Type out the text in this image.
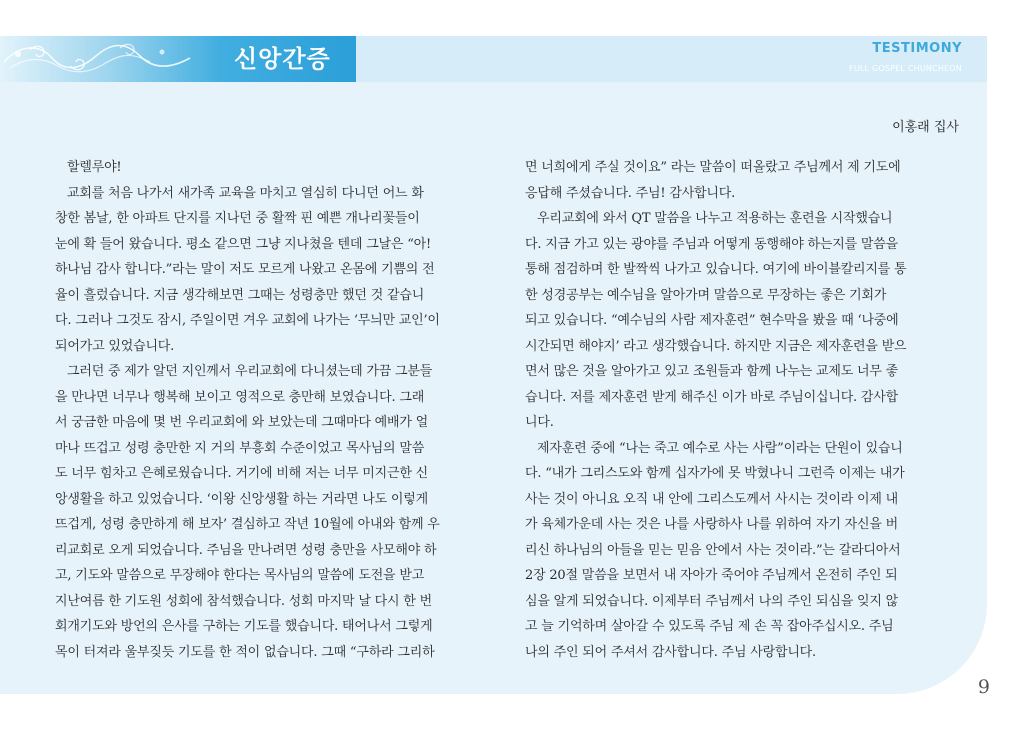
신앙간증	TESTIMONY
FULL GOSPEL CHUNCHEON
이홍래 집사

할렐루야!

교회를 처음 나가서 새가족 교육을 마치고 열심히 다니던 어느 화

창한 봄날, 한 아파트 단지를 지나던 중 활짝 핀 예쁜 개나리꽃들이

눈에 확 들어 왔습니다. 평소 같으면 그냥 지나쳤을 텐데 그날은 “아!

하나님 감사 합니다.”라는 말이 저도 모르게 나왔고 온몸에 기쁨의 전

율이 흘렀습니다. 지금 생각해보면 그때는 성령충만 했던 것 같습니

다. 그러나 그것도 잠시, 주일이면 겨우 교회에 나가는 ‘무늬만 교인’이

되어가고 있었습니다.

그러던 중 제가 알던 지인께서 우리교회에 다니셨는데 가끔 그분들

을 만나면 너무나 행복해 보이고 영적으로 충만해 보였습니다. 그래

서 궁금한 마음에 몇 번 우리교회에 와 보았는데 그때마다 예배가 얼

마나 뜨겁고 성령 충만한 지 거의 부흥회 수준이었고 목사님의 말씀

도 너무 힘차고 은혜로웠습니다. 거기에 비해 저는 너무 미지근한 신

앙생활을 하고 있었습니다. ‘이왕 신앙생활 하는 거라면 나도 이렇게

뜨겁게, 성령 충만하게 해 보자’ 결심하고 작년 10월에 아내와 함께 우

리교회로 오게 되었습니다. 주님을 만나려면 성령 충만을 사모해야 하

고, 기도와 말씀으로 무장해야 한다는 목사님의 말씀에 도전을 받고

지난여름 한 기도원 성회에 참석했습니다. 성회 마지막 날 다시 한 번

회개기도와 방언의 은사를 구하는 기도를 했습니다. 태어나서 그렇게

목이 터져라 울부짖듯 기도를 한 적이 없습니다. 그때 “구하라 그리하

면 너희에게 주실 것이요” 라는 말씀이 떠올랐고 주님께서 제 기도에

응답해 주셨습니다. 주님! 감사합니다.

우리교회에 와서 QT 말씀을 나누고 적용하는 훈련을 시작했습니

다. 지금 가고 있는 광야를 주님과 어떻게 동행해야 하는지를 말씀을

통해 점검하며 한 발짝씩 나가고 있습니다. 여기에 바이블칼리지를 통

한 성경공부는 예수님을 알아가며 말씀으로 무장하는 좋은 기회가

되고 있습니다. “예수님의 사람 제자훈련” 현수막을 봤을 때 ‘나중에

시간되면 해야지’ 라고 생각했습니다. 하지만 지금은 제자훈련을 받으

면서 많은 것을 알아가고 있고 조원들과 함께 나누는 교제도 너무 좋

습니다. 저를 제자훈련 받게 해주신 이가 바로 주님이십니다. 감사합

니다.

제자훈련 중에 “나는 죽고 예수로 사는 사람”이라는 단원이 있습니

다. “내가 그리스도와 함께 십자가에 못 박혔나니 그런즉 이제는 내가

사는 것이 아니요 오직 내 안에 그리스도께서 사시는 것이라 이제 내

가 육체가운데 사는 것은 나를 사랑하사 나를 위하여 자기 자신을 버

리신 하나님의 아들을 믿는 믿음 안에서 사는 것이라.”는 갈라디아서

2장 20절 말씀을 보면서 내 자아가 죽어야 주님께서 온전히 주인 되

심을 알게 되었습니다. 이제부터 주님께서 나의 주인 되심을 잊지 않

고 늘 기억하며 살아갈 수 있도록 주님 제 손 꼭 잡아주십시오. 주님

나의 주인 되어 주셔서 감사합니다. 주님 사랑합니다.

9
